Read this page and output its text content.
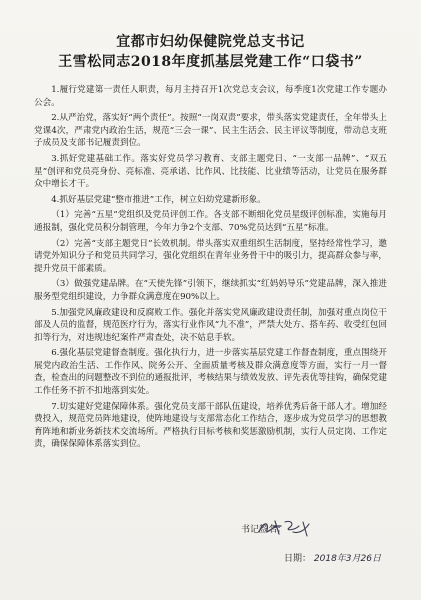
宜都市妇幼保健院党总支书记
王雪松同志2018年度抓基层党建工作“口袋书”

1.履行党建第一责任人职责，每月主持召开1次党总支会议，每季度1次党建工作专题办公会。

2.从严治党，落实好“两个责任”。按照“一岗双责”要求，带头落实党建责任，全年带头上党课4次，严肃党内政治生活，规范“三会一课”、民主生活会、民主评议等制度，带动总支班子成员及支部书记履责到位。

3.抓好党建基础工作。落实好党员学习教育、支部主题党日、“一支部一品牌”、“双五星”创评和党员亮身份、亮标准、亮承诺、比作风、比技能、比业绩等活动，让党员在服务群众中增长才干。

4.抓好基层党建“整市推进”工作，树立妇幼党建新形象。

（1）完善“五星”党组织及党员评创工作。各支部不断细化党员星级评创标准，实施每月通报制，强化党员积分制管理，今年力争2个支部、70%党员达到“五星”标准。

（2）完善“支部主题党日”长效机制。带头落实双重组织生活制度，坚持经常性学习，邀请党外知识分子和党员共同学习，强化党组织在青年业务骨干中的吸引力，提高群众参与率，提升党员干部素质。

（3）做强党建品牌。在“天使先锋”引领下，继续抓实“红妈妈导乐”党建品牌，深入推进服务型党组织建设，力争群众满意度在90%以上。

5.加强党风廉政建设和反腐败工作。强化并落实党风廉政建设责任制，加强对重点岗位干部及人员的监督，规范医疗行为，落实行业作风“九不准”，严禁大处方、搭车药、收受红包回扣等行为，对违规违纪案件严肃查处，决不姑息手软。

6.强化基层党建督查制度。强化执行力，进一步落实基层党建工作督查制度，重点围绕开展党内政治生活、工作作风、院务公开、全面质量考核及群众满意度等方面，实行一月一督查，检查出的问题整改不到位的通报批评，考核结果与绩效发放、评先表优等挂钩，确保党建工作任务不折不扣地落到实处。

7.切实建好党建保障体系。强化党员支部干部队伍建设，培养优秀后备干部人才。增加经费投入，规范党员阵地建设，使阵地建设与支部常态化工作结合，逐步成为党员学习的思想教育阵地和新业务新技术交流场所。严格执行目标考核和奖惩激励机制，实行人员定岗、工作定责，确保保障体系落实到位。

书记签名：
日期： 2018年3月26日
